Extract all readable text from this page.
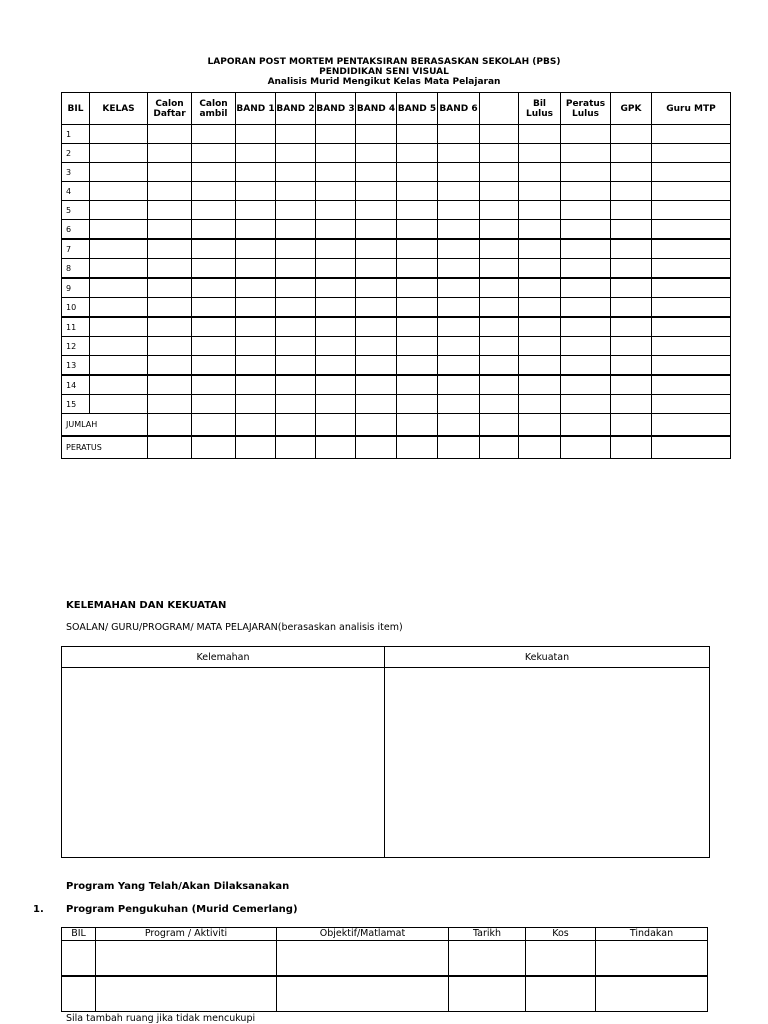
LAPORAN POST MORTEM PENTAKSIRAN BERASASKAN SEKOLAH (PBS)
PENDIDIKAN SENI VISUAL
Analisis Murid Mengikut Kelas Mata Pelajaran
BIL	KELAS	Calon Daftar	Calon ambil	BAND 1	BAND 2	BAND 3	BAND 4	BAND 5	BAND 6		Bil Lulus	Peratus Lulus	GPK	Guru MTP
1														
2														
3														
4														
5														
6														
7														
8														
9														
10														
11														
12														
13														
14														
15														
JUMLAH														
PERATUS														
KELEMAHAN DAN KEKUATAN
SOALAN/ GURU/PROGRAM/ MATA PELAJARAN(berasaskan analisis item)
Kelemahan	Kekuatan

Program Yang Telah/Akan Dilaksanakan
1. Program Pengukuhan (Murid Cemerlang)
BIL	Program / Aktiviti	Objektif/Matlamat	Tarikh	Kos	Tindakan

Sila tambah ruang jika tidak mencukupi
